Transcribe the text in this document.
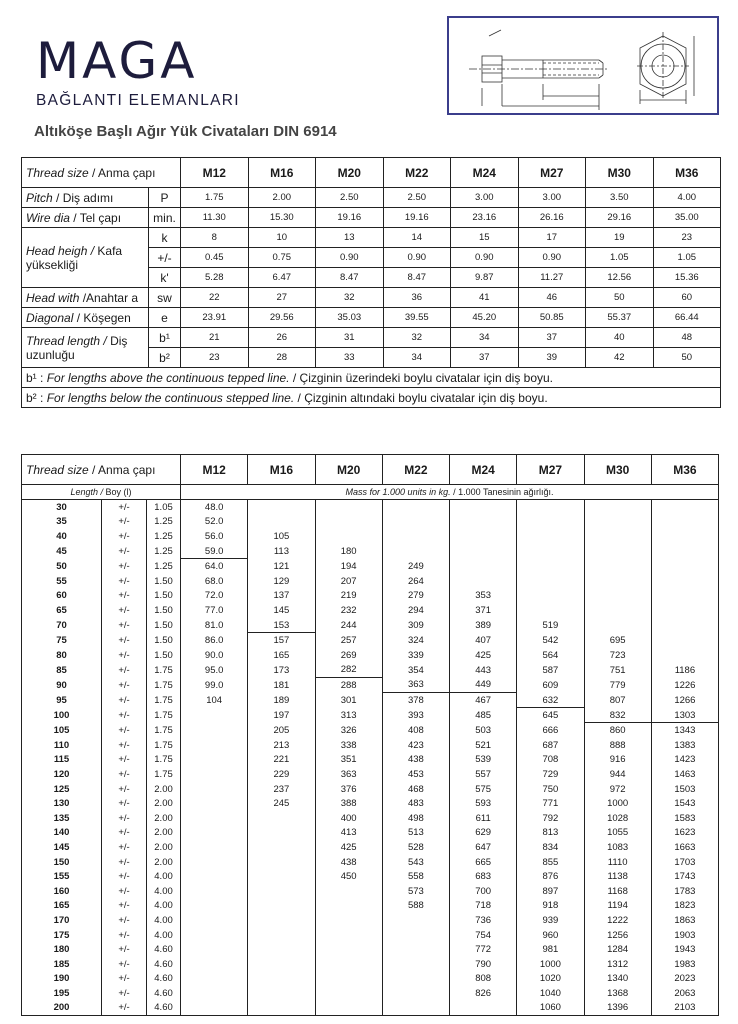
MAGA
BAĞLANTI ELEMANLARI
Altıköşe Başlı Ağır Yük Civataları DIN 6914
Thread size / Anma çapı		M12	M16	M20	M22	M24	M27	M30	M36
Pitch / Diş adımı	P	1.75	2.00	2.50	2.50	3.00	3.00	3.50	4.00
Wire dia / Tel çapı	min.	11.30	15.30	19.16	19.16	23.16	26.16	29.16	35.00
Head heigh / Kafa yüksekliği	k	8	10	13	14	15	17	19	23
	+/-	0.45	0.75	0.90	0.90	0.90	0.90	1.05	1.05
	k'	5.28	6.47	8.47	8.47	9.87	11.27	12.56	15.36
Head with /Anahtar a	sw	22	27	32	36	41	46	50	60
Diagonal / Köşegen	e	23.91	29.56	35.03	39.55	45.20	50.85	55.37	66.44
Thread length / Diş uzunluğu	b¹	21	26	31	32	34	37	40	48
	b²	23	28	33	34	37	39	42	50
b¹ : For lengths above the continuous tepped line. / Çizginin üzerindeki boylu civatalar için diş boyu.									
b² : For lengths below the continuous stepped line. / Çizginin altındaki boylu civatalar için diş boyu.									
Thread size / Anma çapı			M12	M16	M20	M22	M24	M27	M30	M36
Length / Boy (l)			Mass for 1.000 units in kg. / 1.000 Tanesinin ağırlığı.							
30	+/-	1.05	48.0							
35	+/-	1.25	52.0							
40	+/-	1.25	56.0	105						
45	+/-	1.25	59.0	113	180					
50	+/-	1.25	64.0	121	194	249				
55	+/-	1.50	68.0	129	207	264				
60	+/-	1.50	72.0	137	219	279	353			
65	+/-	1.50	77.0	145	232	294	371			
70	+/-	1.50	81.0	153	244	309	389	519		
75	+/-	1.50	86.0	157	257	324	407	542	695	
80	+/-	1.50	90.0	165	269	339	425	564	723	
85	+/-	1.75	95.0	173	282	354	443	587	751	1186
90	+/-	1.75	99.0	181	288	363	449	609	779	1226
95	+/-	1.75	104	189	301	378	467	632	807	1266
100	+/-	1.75		197	313	393	485	645	832	1303
105	+/-	1.75		205	326	408	503	666	860	1343
110	+/-	1.75		213	338	423	521	687	888	1383
115	+/-	1.75		221	351	438	539	708	916	1423
120	+/-	1.75		229	363	453	557	729	944	1463
125	+/-	2.00		237	376	468	575	750	972	1503
130	+/-	2.00		245	388	483	593	771	1000	1543
135	+/-	2.00			400	498	611	792	1028	1583
140	+/-	2.00			413	513	629	813	1055	1623
145	+/-	2.00			425	528	647	834	1083	1663
150	+/-	2.00			438	543	665	855	1110	1703
155	+/-	4.00			450	558	683	876	1138	1743
160	+/-	4.00				573	700	897	1168	1783
165	+/-	4.00				588	718	918	1194	1823
170	+/-	4.00					736	939	1222	1863
175	+/-	4.00					754	960	1256	1903
180	+/-	4.60					772	981	1284	1943
185	+/-	4.60					790	1000	1312	1983
190	+/-	4.60					808	1020	1340	2023
195	+/-	4.60					826	1040	1368	2063
200	+/-	4.60						1060	1396	2103
